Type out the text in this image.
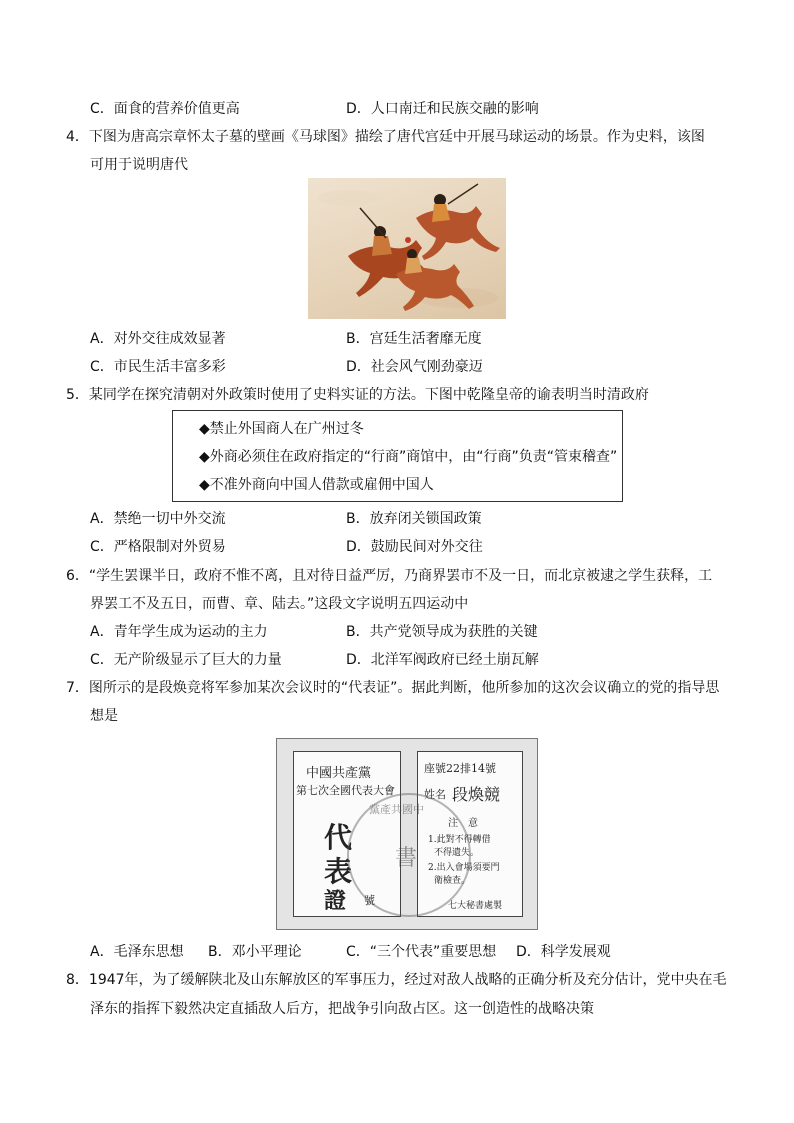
C．面食的营养价值更高	D．人口南迁和民族交融的影响
4．下图为唐高宗章怀太子墓的壁画《马球图》描绘了唐代宫廷中开展马球运动的场景。作为史料，该图
可用于说明唐代
A．对外交往成效显著	B．宫廷生活奢靡无度
C．市民生活丰富多彩	D．社会风气刚劲豪迈
5．某同学在探究清朝对外政策时使用了史料实证的方法。下图中乾隆皇帝的谕表明当时清政府
◆禁止外国商人在广州过冬
◆外商必须住在政府指定的“行商”商馆中，由“行商”负责“管束稽查”
◆不准外商向中国人借款或雇佣中国人
A．禁绝一切中外交流	B．放弃闭关锁国政策
C．严格限制对外贸易	D．鼓励民间对外交往
6．“学生罢课半日，政府不惟不离，且对待日益严厉，乃商界罢市不及一日，而北京被逮之学生获释，工
界罢工不及五日，而曹、章、陆去。”这段文字说明五四运动中
A．青年学生成为运动的主力	B．共产党领导成为获胜的关键
C．无产阶级显示了巨大的力量	D．北洋军阀政府已经土崩瓦解
7．图所示的是段焕竞将军参加某次会议时的“代表证”。据此判断，他所参加的这次会议确立的党的指导思
想是
中國共產黨
第七次全國代表大會
代
表
證 號
座號22排14號
姓名 段煥競
注　意
1.此對不得轉借
不得遺失。
2.出入會場須要門
衛檢查。
七大秘書處製
黨產共國中
書
A．毛泽东思想 B．邓小平理论	C．“三个代表”重要思想 D．科学发展观
8．1947年，为了缓解陕北及山东解放区的军事压力，经过对敌人战略的正确分析及充分估计，党中央在毛
泽东的指挥下毅然决定直插敌人后方，把战争引向敌占区。这一创造性的战略决策
